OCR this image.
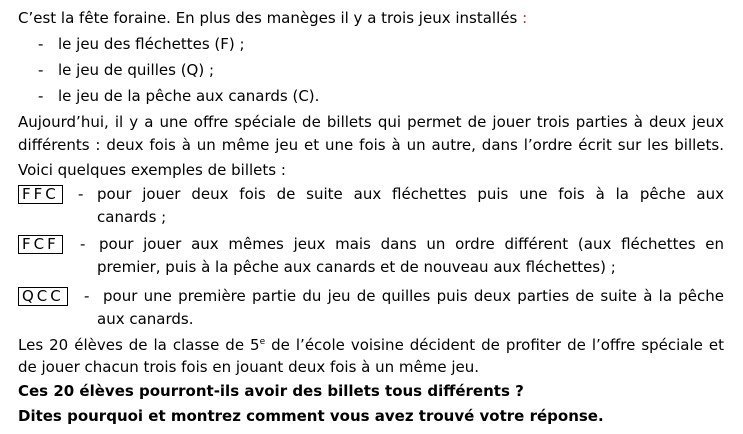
C’est la fête foraine. En plus des manèges il y a trois jeux installés :
- le jeu des fléchettes (F) ;
- le jeu de quilles (Q) ;
- le jeu de la pêche aux canards (C).
Aujourd’hui, il y a une offre spéciale de billets qui permet de jouer trois parties à deux jeux
différents : deux fois à un même jeu et une fois à un autre, dans l’ordre écrit sur les billets.
Voici quelques exemples de billets :
FFC - pour jouer deux fois de suite aux fléchettes puis une fois à la pêche aux
canards ;
FCF - pour jouer aux mêmes jeux mais dans un ordre différent (aux fléchettes en
premier, puis à la pêche aux canards et de nouveau aux fléchettes) ;
QCC - pour une première partie du jeu de quilles puis deux parties de suite à la pêche
aux canards.
Les 20 élèves de la classe de 5e de l’école voisine décident de profiter de l’offre spéciale et
de jouer chacun trois fois en jouant deux fois à un même jeu.
Ces 20 élèves pourront-ils avoir des billets tous différents ?
Dites pourquoi et montrez comment vous avez trouvé votre réponse.
